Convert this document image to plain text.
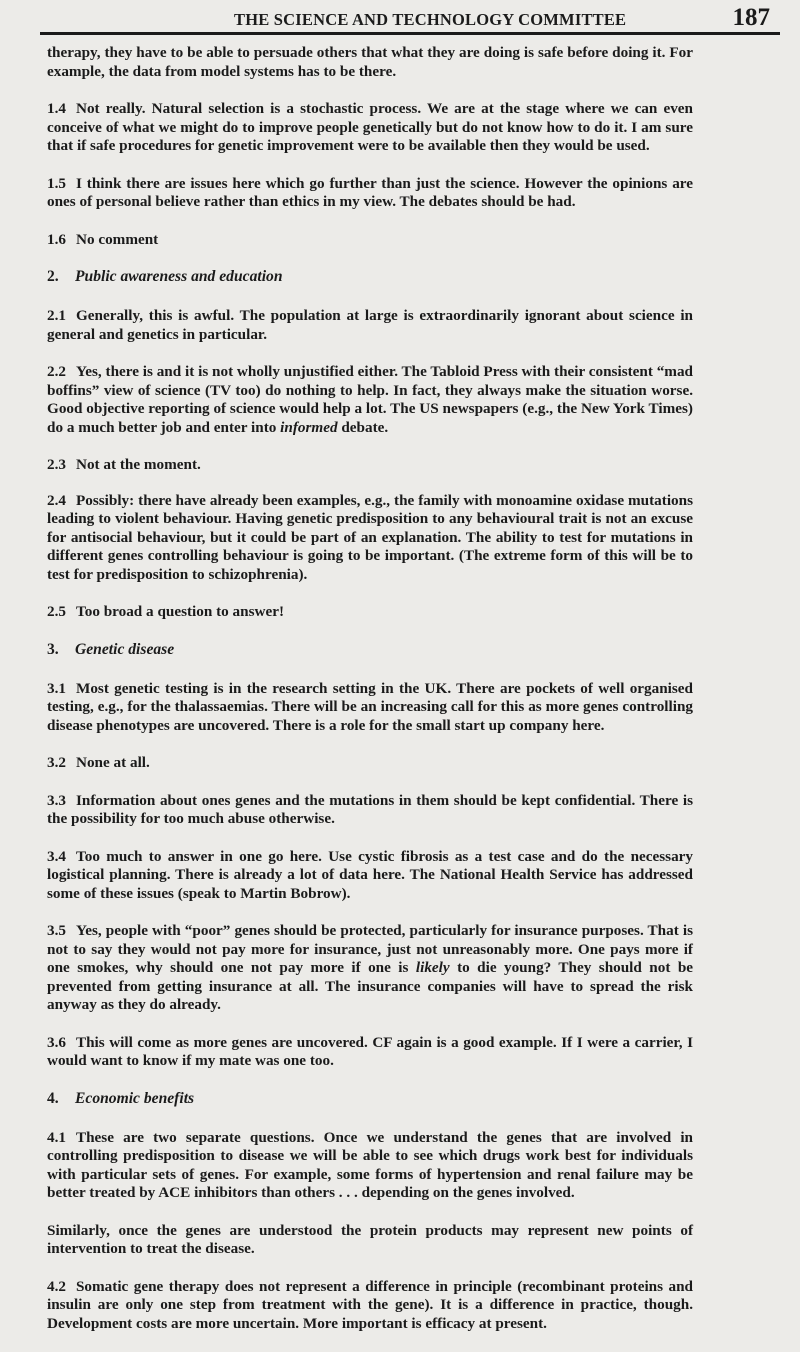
THE SCIENCE AND TECHNOLOGY COMMITTEE	187

therapy, they have to be able to persuade others that what they are doing is safe before doing it. For example, the data from model systems has to be there.

1.4 Not really. Natural selection is a stochastic process. We are at the stage where we can even conceive of what we might do to improve people genetically but do not know how to do it. I am sure that if safe procedures for genetic improvement were to be available then they would be used.

1.5 I think there are issues here which go further than just the science. However the opinions are ones of personal believe rather than ethics in my view. The debates should be had.

1.6 No comment

2. Public awareness and education

2.1 Generally, this is awful. The population at large is extraordinarily ignorant about science in general and genetics in particular.

2.2 Yes, there is and it is not wholly unjustified either. The Tabloid Press with their consistent “mad boffins” view of science (TV too) do nothing to help. In fact, they always make the situation worse. Good objective reporting of science would help a lot. The US newspapers (e.g., the New York Times) do a much better job and enter into informed debate.

2.3 Not at the moment.

2.4 Possibly: there have already been examples, e.g., the family with monoamine oxidase mutations leading to violent behaviour. Having genetic predisposition to any behavioural trait is not an excuse for antisocial behaviour, but it could be part of an explanation. The ability to test for mutations in different genes controlling behaviour is going to be important. (The extreme form of this will be to test for predisposition to schizophrenia).

2.5 Too broad a question to answer!

3. Genetic disease

3.1 Most genetic testing is in the research setting in the UK. There are pockets of well organised testing, e.g., for the thalassaemias. There will be an increasing call for this as more genes controlling disease phenotypes are uncovered. There is a role for the small start up company here.

3.2 None at all.

3.3 Information about ones genes and the mutations in them should be kept confidential. There is the possibility for too much abuse otherwise.

3.4 Too much to answer in one go here. Use cystic fibrosis as a test case and do the necessary logistical planning. There is already a lot of data here. The National Health Service has addressed some of these issues (speak to Martin Bobrow).

3.5 Yes, people with “poor” genes should be protected, particularly for insurance purposes. That is not to say they would not pay more for insurance, just not unreasonably more. One pays more if one smokes, why should one not pay more if one is likely to die young? They should not be prevented from getting insurance at all. The insurance companies will have to spread the risk anyway as they do already.

3.6 This will come as more genes are uncovered. CF again is a good example. If I were a carrier, I would want to know if my mate was one too.

4. Economic benefits

4.1 These are two separate questions. Once we understand the genes that are involved in controlling predisposition to disease we will be able to see which drugs work best for individuals with particular sets of genes. For example, some forms of hypertension and renal failure may be better treated by ACE inhibitors than others . . . depending on the genes involved.

Similarly, once the genes are understood the protein products may represent new points of intervention to treat the disease.

4.2 Somatic gene therapy does not represent a difference in principle (recombinant proteins and insulin are only one step from treatment with the gene). It is a difference in practice, though. Development costs are more uncertain. More important is efficacy at present.
